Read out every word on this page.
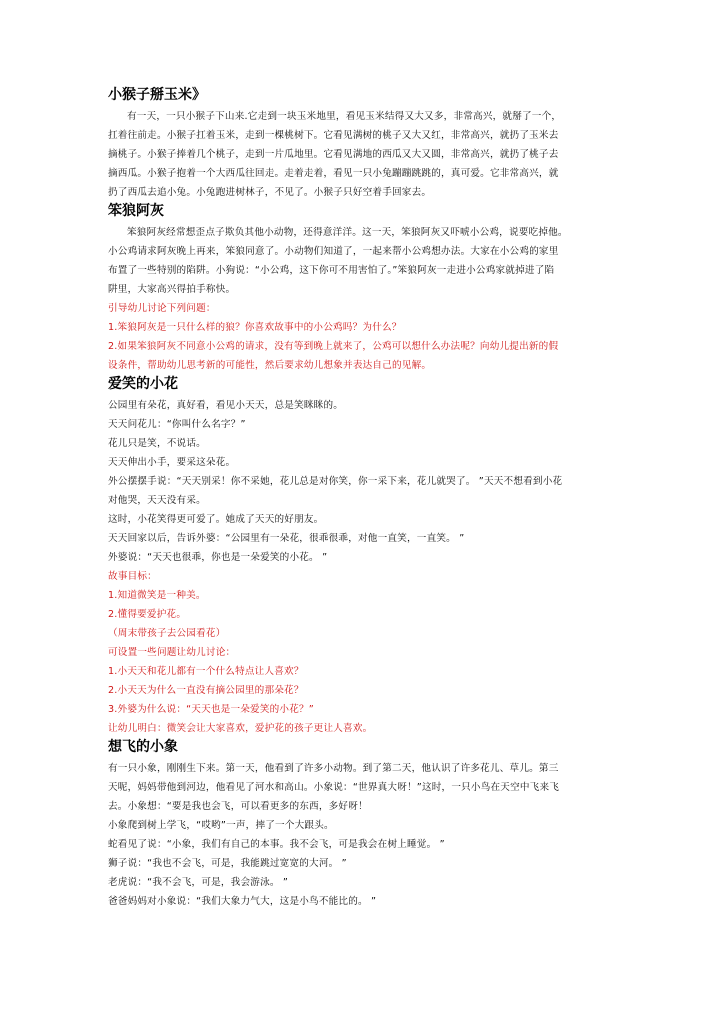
小猴子掰玉米》
有一天，一只小猴子下山来.它走到一块玉米地里，看见玉米结得又大又多，非常高兴，就掰了一个，
扛着往前走。小猴子扛着玉米，走到一棵桃树下。它看见满树的桃子又大又红，非常高兴，就扔了玉米去
摘桃子。小猴子捧着几个桃子，走到一片瓜地里。它看见满地的西瓜又大又圆，非常高兴，就扔了桃子去
摘西瓜。小猴子抱着一个大西瓜往回走。走着走着，看见一只小兔蹦蹦跳跳的，真可爱。它非常高兴，就
扔了西瓜去追小兔。小兔跑进树林子，不见了。小猴子只好空着手回家去。
笨狼阿灰
笨狼阿灰经常想歪点子欺负其他小动物，还得意洋洋。这一天，笨狼阿灰又吓唬小公鸡，说要吃掉他。
小公鸡请求阿灰晚上再来，笨狼同意了。小动物们知道了，一起来帮小公鸡想办法。大家在小公鸡的家里
布置了一些特别的陷阱。小狗说：“小公鸡，这下你可不用害怕了。”笨狼阿灰一走进小公鸡家就掉进了陷
阱里，大家高兴得拍手称快。
引导幼儿讨论下列问题：
1.笨狼阿灰是一只什么样的狼？你喜欢故事中的小公鸡吗？为什么？
2.如果笨狼阿灰不同意小公鸡的请求，没有等到晚上就来了，公鸡可以想什么办法呢？向幼儿提出新的假
设条件，帮助幼儿思考新的可能性，然后要求幼儿想象并表达自己的见解。
爱笑的小花
公园里有朵花，真好看，看见小天天，总是笑眯眯的。
天天问花儿：“你叫什么名字？”
花儿只是笑，不说话。
天天伸出小手，要采这朵花。
外公摆摆手说：“天天别采！你不采她，花儿总是对你笑，你一采下来，花儿就哭了。 ”天天不想看到小花
对他哭，天天没有采。
这时，小花笑得更可爱了。她成了天天的好朋友。
天天回家以后，告诉外婆：“公园里有一朵花，很乖很乖，对他一直笑，一直笑。 ”
外婆说：“天天也很乖，你也是一朵爱笑的小花。 ”
故事目标：
1.知道微笑是一种美。
2.懂得要爱护花。
（周末带孩子去公园看花）
可设置一些问题让幼儿讨论：
1.小天天和花儿都有一个什么特点让人喜欢？
2.小天天为什么一直没有摘公园里的那朵花？
3.外婆为什么说：“天天也是一朵爱笑的小花？”
让幼儿明白：微笑会让大家喜欢，爱护花的孩子更让人喜欢。
想飞的小象
有一只小象，刚刚生下来。第一天，他看到了许多小动物。到了第二天，他认识了许多花儿、草儿。第三
天呢，妈妈带他到河边，他看见了河水和高山。小象说：“世界真大呀！”这时，一只小鸟在天空中飞来飞
去。小象想：“要是我也会飞，可以看更多的东西，多好呀！
小象爬到树上学飞，“哎哟”一声，摔了一个大跟头。
蛇看见了说：“小象，我们有自己的本事。我不会飞，可是我会在树上睡觉。 ”
狮子说：“我也不会飞，可是，我能跳过宽宽的大河。 ”
老虎说：“我不会飞，可是，我会游泳。 ”
爸爸妈妈对小象说：“我们大象力气大，这是小鸟不能比的。 ”
